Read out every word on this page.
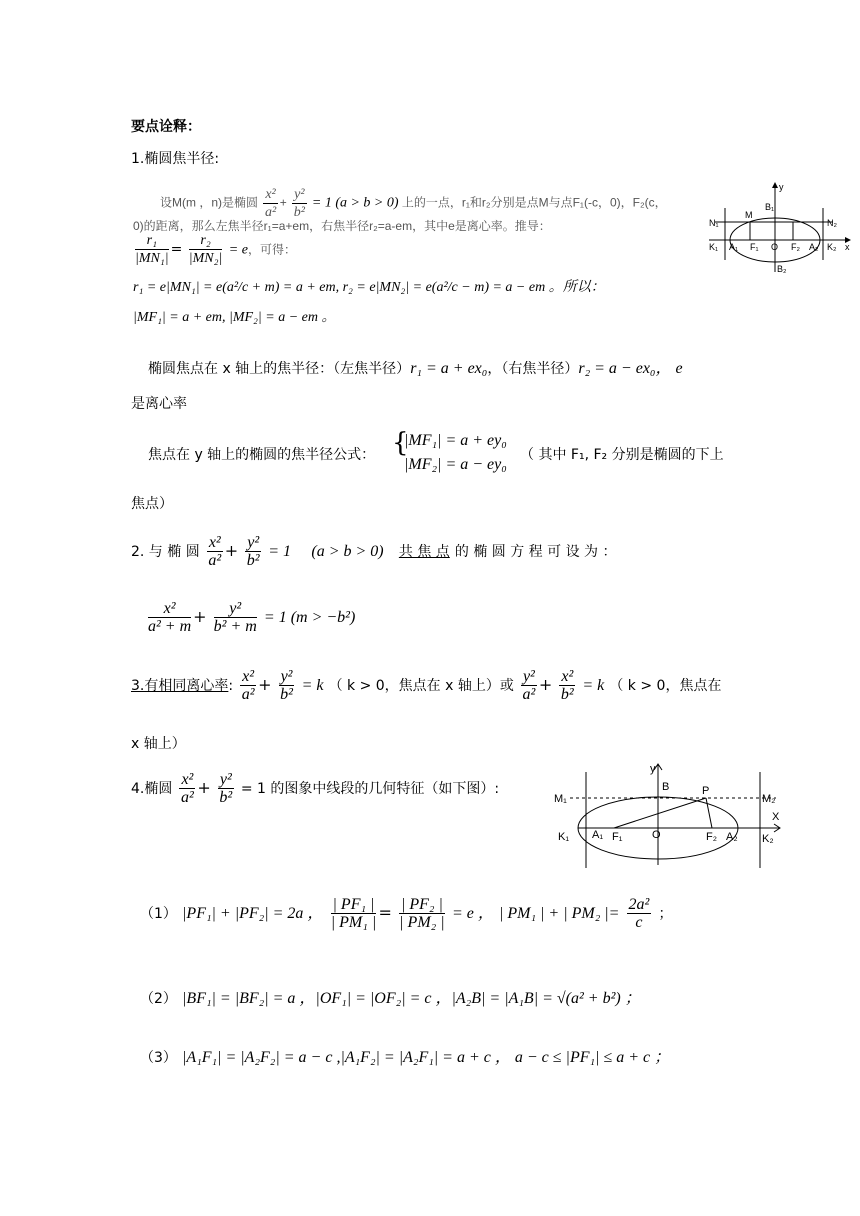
要点诠释：
1.椭圆焦半径:
设M(m ，n)是椭圆 $\frac{\text{x²}}{\text{a²}} + \frac{\text{y²}}{\text{b²}} = 1$ (a > b > 0) 上的一点，r₁和r₂分别是点M与点F₁(-c，0)，F₂(c，
0)的距离，那么左焦半径r₁=a+em，右焦半径r₂=a-em，其中e是离心率。推导：
$\frac{\text{r₁}}{\text{|MN₁|}} = \frac{\text{r₂}}{\text{|MN₂|}} = e$，可得：
r₁ = e|MN₁| = e(a²/c + m) = a + em, r₂ = e|MN₂| = e(a²/c − m) = a − em 。所以：
|MF₁| = a + em, |MF₂| = a − em 。
y
x
N₁	N₂
K₁	K₂
M
B₁
B₂
A₁	A₂
F₁	F₂
O
椭圆焦点在 x 轴上的焦半径：（左焦半径）r₁ = a + ex₀，（右焦半径）r₂ = a − ex₀， e
是离心率
焦点在 y 轴上的椭圆的焦半径公式： {
|MF₁| = a + ey₀
|MF₂| = a − ey₀
（ 其中 F₁, F₂ 分别是椭圆的下上
焦点）
2. 与 椭 圆 $\frac{\text{x²}}{\text{a²}} + \frac{\text{y²}}{\text{b²}} = 1$ (a > b > 0) 共 焦 点 的 椭 圆 方 程 可 设 为 ：
$\frac{\text{x²}}{\text{a² + m}} + \frac{\text{y²}}{\text{b² + m}} = 1$ (m > −b²)
3.有相同离心率: $\frac{\text{x²}}{\text{a²}} + \frac{\text{y²}}{\text{b²}} = k$ （ k > 0，焦点在 x 轴上）或 $\frac{\text{y²}}{\text{a²}} + \frac{\text{x²}}{\text{b²}} = k$ （ k > 0，焦点在
x 轴上）
4.椭圆 $\frac{\text{x²}}{\text{a²}} + \frac{\text{y²}}{\text{b²}} = 1$ 的图象中线段的几何特征（如下图）:
y
B	P
M₁	M₂
X
K₁	K₂
A₁	A₂
F₁	F₂
O
（1） |PF₁| + |PF₂| = 2a ， $\frac{\text{| PF₁ |}}{\text{| PM₁ |}} = \frac{\text{| PF₂ |}}{\text{| PM₂ |}} = e$ ， | PM₁ | + | PM₂ |= $\frac{\text{2a²}}{c}$ ；
（2） |BF₁| = |BF₂| = a ，|OF₁| = |OF₂| = c ，|A₂B| = |A₁B| = √(a² + b²) ；
（3） |A₁F₁| = |A₂F₂| = a − c ,|A₁F₂| = |A₂F₁| = a + c ， a − c ≤ |PF₁| ≤ a + c ；
